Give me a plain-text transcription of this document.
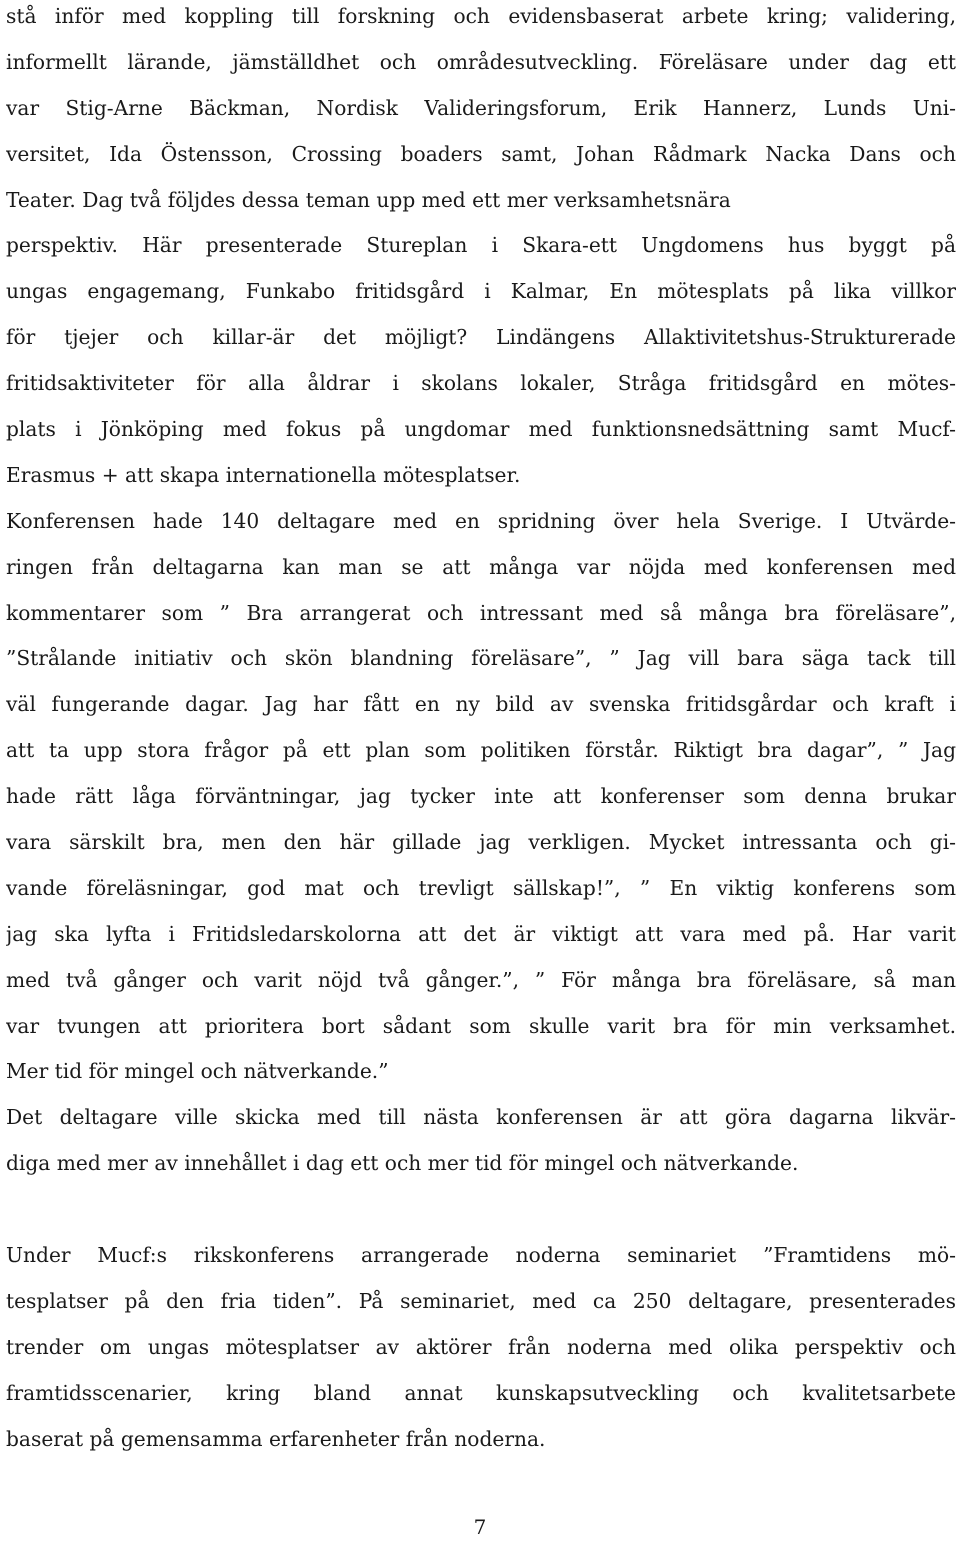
stå inför med koppling till forskning och evidensbaserat arbete kring; validering,
informellt lärande, jämställdhet och områdesutveckling. Föreläsare under dag ett
var Stig-Arne Bäckman, Nordisk Valideringsforum, Erik Hannerz, Lunds Uni-
versitet, Ida Östensson, Crossing boaders samt, Johan Rådmark Nacka Dans och
Teater. Dag två följdes dessa teman upp med ett mer verksamhetsnära
perspektiv. Här presenterade Stureplan i Skara-ett Ungdomens hus byggt på
ungas engagemang, Funkabo fritidsgård i Kalmar, En mötesplats på lika villkor
för tjejer och killar-är det möjligt? Lindängens Allaktivitetshus-Strukturerade
fritidsaktiviteter för alla åldrar i skolans lokaler, Stråga fritidsgård en mötes-
plats i Jönköping med fokus på ungdomar med funktionsnedsättning samt Mucf-
Erasmus + att skapa internationella mötesplatser.
Konferensen hade 140 deltagare med en spridning över hela Sverige. I Utvärde-
ringen från deltagarna kan man se att många var nöjda med konferensen med
kommentarer som ” Bra arrangerat och intressant med så många bra föreläsare”,
”Strålande initiativ och skön blandning föreläsare”, ” Jag vill bara säga tack till
väl fungerande dagar. Jag har fått en ny bild av svenska fritidsgårdar och kraft i
att ta upp stora frågor på ett plan som politiken förstår. Riktigt bra dagar”, ” Jag
hade rätt låga förväntningar, jag tycker inte att konferenser som denna brukar
vara särskilt bra, men den här gillade jag verkligen. Mycket intressanta och gi-
vande föreläsningar, god mat och trevligt sällskap!”, ” En viktig konferens som
jag ska lyfta i Fritidsledarskolorna att det är viktigt att vara med på. Har varit
med två gånger och varit nöjd två gånger.”, ” För många bra föreläsare, så man
var tvungen att prioritera bort sådant som skulle varit bra för min verksamhet.
Mer tid för mingel och nätverkande.”
Det deltagare ville skicka med till nästa konferensen är att göra dagarna likvär-
diga med mer av innehållet i dag ett och mer tid för mingel och nätverkande.
Under Mucf:s rikskonferens arrangerade noderna seminariet ”Framtidens mö-
tesplatser på den fria tiden”. På seminariet, med ca 250 deltagare, presenterades
trender om ungas mötesplatser av aktörer från noderna med olika perspektiv och
framtidsscenarier, kring bland annat kunskapsutveckling och kvalitetsarbete
baserat på gemensamma erfarenheter från noderna.
7
